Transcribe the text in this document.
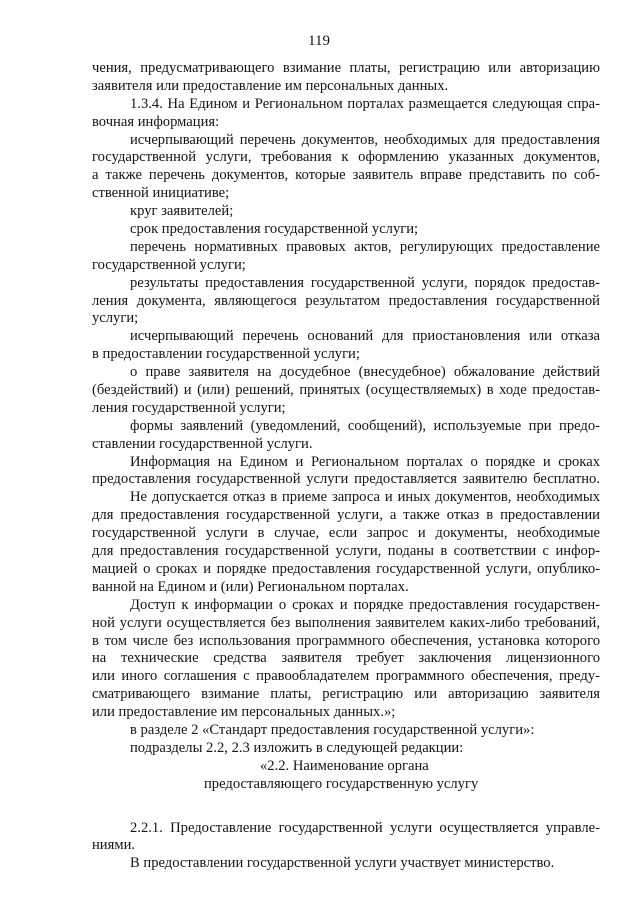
119
чения, предусматривающего взимание платы, регистрацию или авторизацию
заявителя или предоставление им персональных данных.
1.3.4. На Едином и Региональном порталах размещается следующая спра-
вочная информация:
исчерпывающий перечень документов, необходимых для предоставления
государственной услуги, требования к оформлению указанных документов,
а также перечень документов, которые заявитель вправе представить по соб-
ственной инициативе;
круг заявителей;
срок предоставления государственной услуги;
перечень нормативных правовых актов, регулирующих предоставление
государственной услуги;
результаты предоставления государственной услуги, порядок предостав-
ления документа, являющегося результатом предоставления государственной
услуги;
исчерпывающий перечень оснований для приостановления или отказа
в предоставлении государственной услуги;
о праве заявителя на досудебное (внесудебное) обжалование действий
(бездействий) и (или) решений, принятых (осуществляемых) в ходе предостав-
ления государственной услуги;
формы заявлений (уведомлений, сообщений), используемые при предо-
ставлении государственной услуги.
Информация на Едином и Региональном порталах о порядке и сроках
предоставления государственной услуги предоставляется заявителю бесплатно.
Не допускается отказ в приеме запроса и иных документов, необходимых
для предоставления государственной услуги, а также отказ в предоставлении
государственной услуги в случае, если запрос и документы, необходимые
для предоставления государственной услуги, поданы в соответствии с инфор-
мацией о сроках и порядке предоставления государственной услуги, опублико-
ванной на Едином и (или) Региональном порталах.
Доступ к информации о сроках и порядке предоставления государствен-
ной услуги осуществляется без выполнения заявителем каких-либо требований,
в том числе без использования программного обеспечения, установка которого
на технические средства заявителя требует заключения лицензионного
или иного соглашения с правообладателем программного обеспечения, преду-
сматривающего взимание платы, регистрацию или авторизацию заявителя
или предоставление им персональных данных.»;
в разделе 2 «Стандарт предоставления государственной услуги»:
подразделы 2.2, 2.3 изложить в следующей редакции:
«2.2. Наименование органа
предоставляющего государственную услугу
2.2.1. Предоставление государственной услуги осуществляется управле-
ниями.
В предоставлении государственной услуги участвует министерство.
